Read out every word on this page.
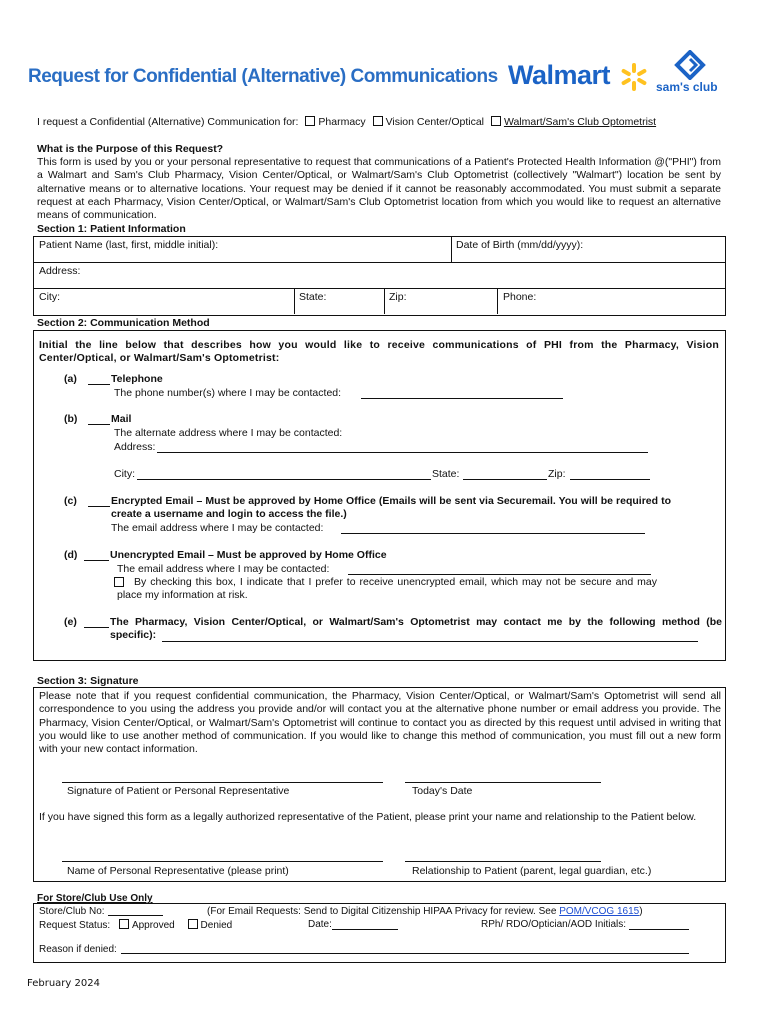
Request for Confidential (Alternative) Communications Walmart	sam's club
I request a Confidential (Alternative) Communication for: Pharmacy Vision Center/Optical Walmart/Sam's Club Optometrist
What is the Purpose of this Request?
This form is used by you or your personal representative to request that communications of a Patient's Protected Health Information @("PHI") from a Walmart and Sam's Club Pharmacy, Vision Center/Optical, or Walmart/Sam's Club Optometrist (collectively "Walmart") location be sent by alternative means or to alternative locations. Your request may be denied if it cannot be reasonably accommodated. You must submit a separate request at each Pharmacy, Vision Center/Optical, or Walmart/Sam's Club Optometrist location from which you would like to request an alternative means of communication.
Section 1: Patient Information
Patient Name (last, first, middle initial):	Date of Birth (mm/dd/yyyy):
Address:
City:	State:	Zip:	Phone:
Section 2: Communication Method
Initial the line below that describes how you would like to receive communications of PHI from the Pharmacy, Vision Center/Optical, or Walmart/Sam's Optometrist:
(a)	Telephone
The phone number(s) where I may be contacted:
(b)	Mail
The alternate address where I may be contacted:
Address:
City:	State:	Zip:
(c)	Encrypted Email – Must be approved by Home Office (Emails will be sent via Securemail. You will be required to create a username and login to access the file.)
The email address where I may be contacted:
(d)	Unencrypted Email – Must be approved by Home Office
The email address where I may be contacted:
By checking this box, I indicate that I prefer to receive unencrypted email, which may not be secure and may place my information at risk.
(e)	The Pharmacy, Vision Center/Optical, or Walmart/Sam's Optometrist may contact me by the following method (be specific):
Section 3: Signature
Please note that if you request confidential communication, the Pharmacy, Vision Center/Optical, or Walmart/Sam's Optometrist will send all correspondence to you using the address you provide and/or will contact you at the alternative phone number or email address you provide. The Pharmacy, Vision Center/Optical, or Walmart/Sam's Optometrist will continue to contact you as directed by this request until advised in writing that you would like to use another method of communication. If you would like to change this method of communication, you must fill out a new form with your new contact information.
Signature of Patient or Personal Representative	Today's Date
If you have signed this form as a legally authorized representative of the Patient, please print your name and relationship to the Patient below.
Name of Personal Representative (please print)	Relationship to Patient (parent, legal guardian, etc.)
For Store/Club Use Only
Store/Club No:	(For Email Requests: Send to Digital Citizenship HIPAA Privacy for review. See POM/VCOG 1615)
Request Status: Approved	Denied	Date:	RPh/ RDO/Optician/AOD Initials:
Reason if denied:
February 2024
